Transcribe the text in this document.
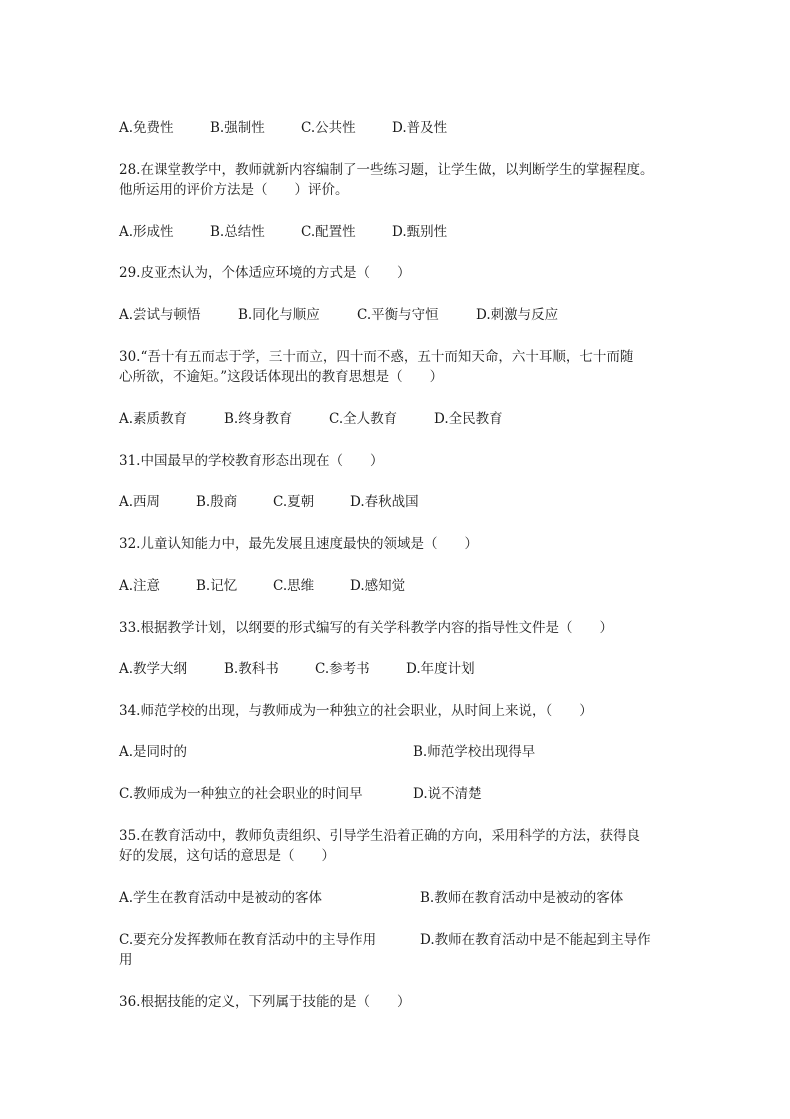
A.免费性	B.强制性	C.公共性	D.普及性

28.在课堂教学中，教师就新内容编制了一些练习题，让学生做，以判断学生的掌握程度。

他所运用的评价方法是（　　）评价。

A.形成性	B.总结性	C.配置性	D.甄别性

29.皮亚杰认为，个体适应环境的方式是（　　）

A.尝试与顿悟	B.同化与顺应	C.平衡与守恒	D.刺激与反应

30.“吾十有五而志于学，三十而立，四十而不惑，五十而知天命，六十耳顺，七十而随

心所欲，不逾矩。”这段话体现出的教育思想是（　　）

A.素质教育	B.终身教育	C.全人教育	D.全民教育

31.中国最早的学校教育形态出现在（　　）

A.西周	B.殷商	C.夏朝	D.春秋战国

32.儿童认知能力中，最先发展且速度最快的领域是（　　）

A.注意	B.记忆	C.思维	D.感知觉

33.根据教学计划，以纲要的形式编写的有关学科教学内容的指导性文件是（　　）

A.教学大纲	B.教科书	C.参考书	D.年度计划

34.师范学校的出现，与教师成为一种独立的社会职业，从时间上来说，（　　）

A.是同时的	B.师范学校出现得早
C.教师成为一种独立的社会职业的时间早	D.说不清楚

35.在教育活动中，教师负责组织、引导学生沿着正确的方向，采用科学的方法，获得良

好的发展，这句话的意思是（　　）

A.学生在教育活动中是被动的客体	B.教师在教育活动中是被动的客体
C.要充分发挥教师在教育活动中的主导作用	D.教师在教育活动中是不能起到主导作

用

36.根据技能的定义，下列属于技能的是（　　）
